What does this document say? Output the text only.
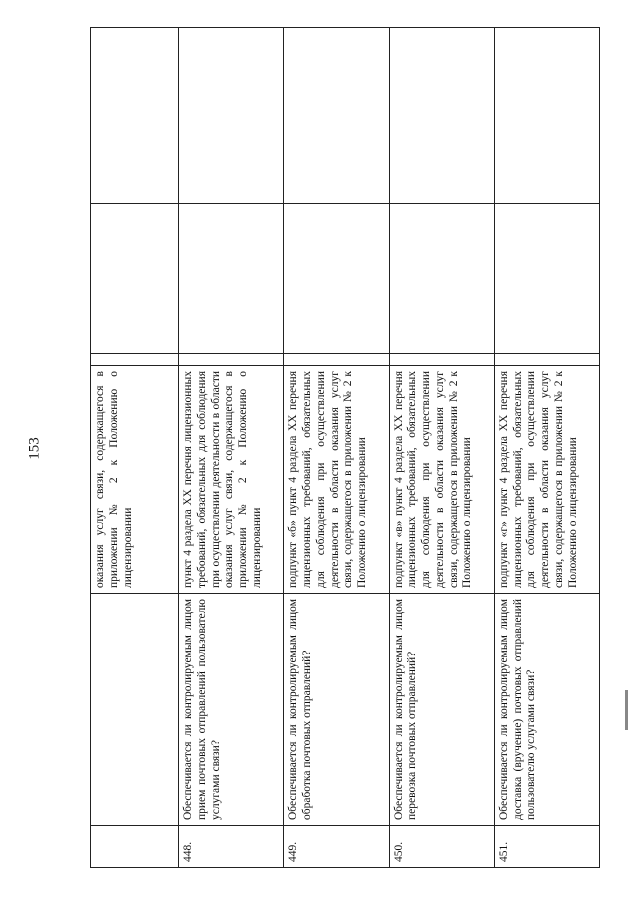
153
			оказания услуг связи, содержащегося в приложении № 2 к Положению о лицензировании			
448.	Обеспечивается ли контролируемым лицом прием почтовых отправлений пользователю услугами связи?	пункт 4 раздела XX перечня лицензионных требований, обязательных для соблюдения при осуществлении деятельности в области оказания услуг связи, содержащегося в приложении № 2 к Положению о лицензировании			
449.	Обеспечивается ли контролируемым лицом обработка почтовых отправлений?	подпункт «б» пункт 4 раздела XX перечня лицензионных требований, обязательных для соблюдения при осуществлении деятельности в области оказания услуг связи, содержащегося в приложении № 2 к Положению о лицензировании			
450.	Обеспечивается ли контролируемым лицом перевозка почтовых отправлений?	подпункт «в» пункт 4 раздела XX перечня лицензионных требований, обязательных для соблюдения при осуществлении деятельности в области оказания услуг связи, содержащегося в приложении № 2 к Положению о лицензировании			
451.	Обеспечивается ли контролируемым лицом доставка (вручение) почтовых отправлений пользователю услугами связи?	подпункт «г» пункт 4 раздела XX перечня лицензионных требований, обязательных для соблюдения при осуществлении деятельности в области оказания услуг связи, содержащегося в приложении № 2 к Положению о лицензировании			
